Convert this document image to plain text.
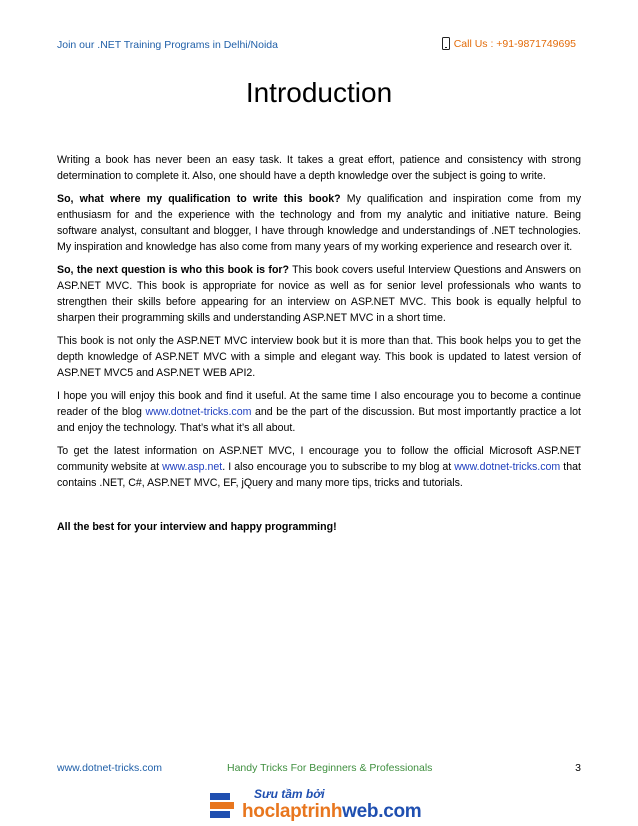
Join our .NET Training Programs in Delhi/Noida	Call Us : +91-9871749695
Introduction

Writing a book has never been an easy task. It takes a great effort, patience and consistency with strong determination to complete it. Also, one should have a depth knowledge over the subject is going to write.

So, what where my qualification to write this book? My qualification and inspiration come from my enthusiasm for and the experience with the technology and from my analytic and initiative nature. Being software analyst, consultant and blogger, I have through knowledge and understandings of .NET technologies. My inspiration and knowledge has also come from many years of my working experience and research over it.

So, the next question is who this book is for? This book covers useful Interview Questions and Answers on ASP.NET MVC. This book is appropriate for novice as well as for senior level professionals who wants to strengthen their skills before appearing for an interview on ASP.NET MVC. This book is equally helpful to sharpen their programming skills and understanding ASP.NET MVC in a short time.

This book is not only the ASP.NET MVC interview book but it is more than that. This book helps you to get the depth knowledge of ASP.NET MVC with a simple and elegant way. This book is updated to latest version of ASP.NET MVC5 and ASP.NET WEB API2.

I hope you will enjoy this book and find it useful. At the same time I also encourage you to become a continue reader of the blog www.dotnet-tricks.com and be the part of the discussion. But most importantly practice a lot and enjoy the technology. That’s what it’s all about.

To get the latest information on ASP.NET MVC, I encourage you to follow the official Microsoft ASP.NET community website at www.asp.net. I also encourage you to subscribe to my blog at www.dotnet-tricks.com that contains .NET, C#, ASP.NET MVC, EF, jQuery and many more tips, tricks and tutorials.

All the best for your interview and happy programming!

www.dotnet-tricks.com	Handy Tricks For Beginners & Professionals	3
Sưu tầm bởi
hoclaptrinhweb.com
